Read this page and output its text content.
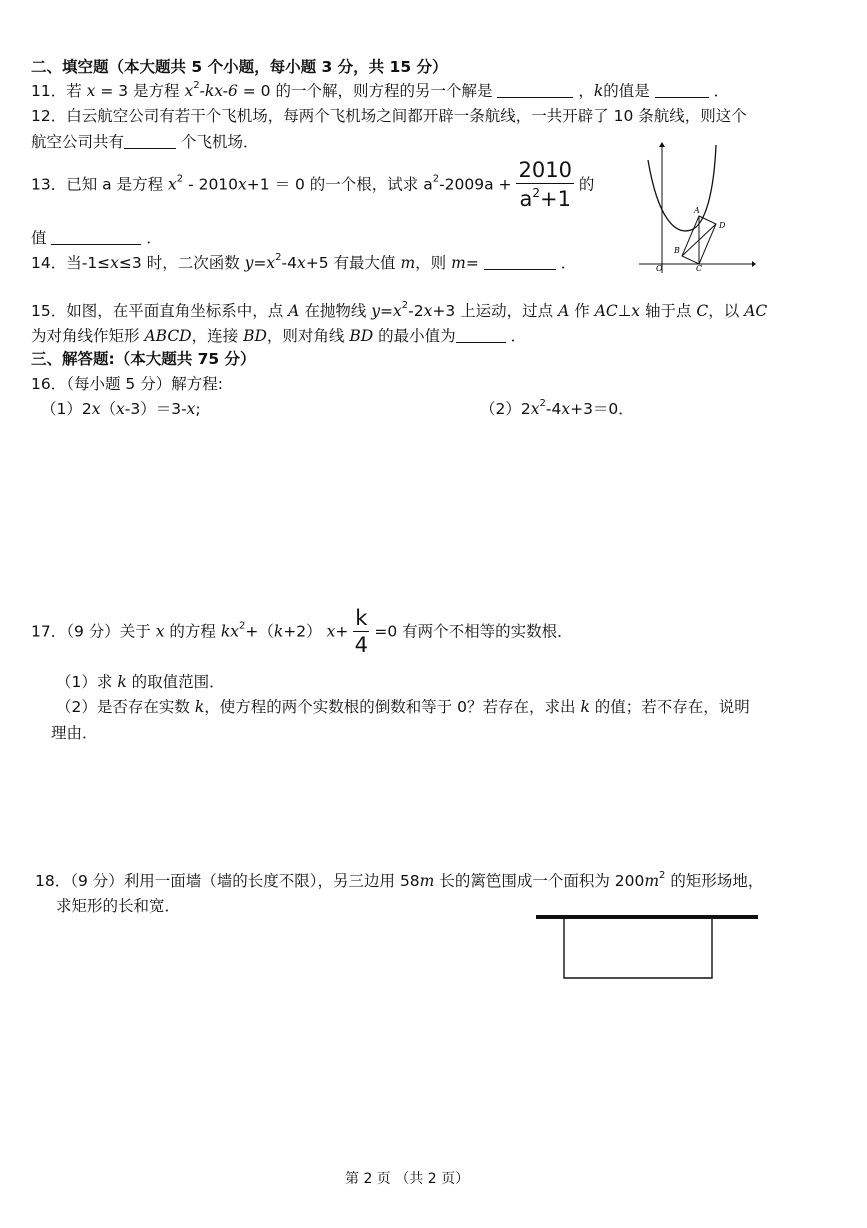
二、填空题（本大题共 5 个小题，每小题 3 分，共 15 分）
11．若 x = 3 是方程 $x^2-kx-6 = 0$ 的一个解，则方程的另一个解是	，k的值是	．
12．白云航空公司有若干个飞机场，每两个飞机场之间都开辟一条航线，一共开辟了 10 条航线，则这个
航空公司共有	个飞机场．
13．已知 a 是方程 $x^2 - 2010x+1 = 0$ 的一个根，试求 $a^2-2009a + \frac{2010}{a^2+1}$ 的
值	．
14．当-1≤x≤3 时，二次函数 $y=x^2-4x+5$ 有最大值 m，则 m=	．
A
D
B
O	C
15．如图，在平面直角坐标系中，点 A 在抛物线 $y=x^2-2x+3$ 上运动，过点 A 作 AC⊥x 轴于点 C，以 AC
为对角线作矩形 ABCD，连接 BD，则对角线 BD 的最小值为	．
三、解答题:（本大题共 75 分）
16．（每小题 5 分）解方程:
（1）2x（x-3）＝3-x;	$(2)2x^2-4x+3=0$．
17．（9 分）关于 x 的方程 $kx^2+(k+2)$ $x+ \frac{k}{4} =0$ 有两个不相等的实数根．
（1）求 k 的取值范围．
（2）是否存在实数 k，使方程的两个实数根的倒数和等于 0？若存在，求出 k 的值；若不存在，说明
理由．
18．（9 分）利用一面墙（墙的长度不限），另三边用 58m 长的篱笆围成一个面积为 $200m^2$ 的矩形场地，
求矩形的长和宽．
第 2 页 （共 2 页）
